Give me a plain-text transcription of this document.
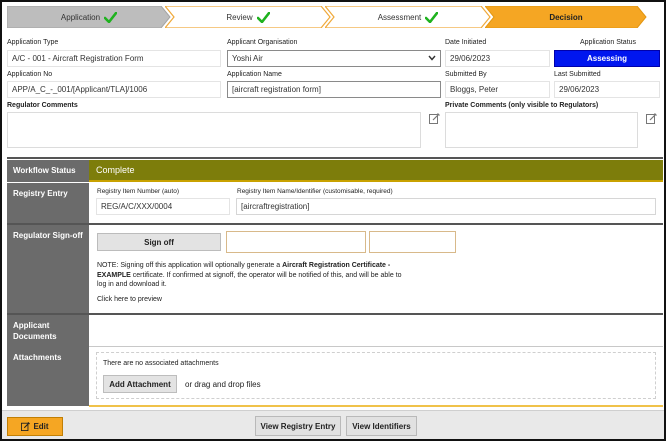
Application	Review	Assessment	Decision
Application Type
A/C - 001 - Aircraft Registration Form
Applicant Organisation
Yoshi Air
Date Initiated
29/06/2023
Application Status
Assessing
Application No
APP/A_C_-_001/[Applicant/TLA]/1006
Application Name
[aircraft registration form]
Submitted By
Bloggs, Peter
Last Submitted
29/06/2023
Regulator Comments	Private Comments (only visible to Regulators)
Workflow Status	Complete
Registry Entry	Registry Item Number (auto)
REG/A/C/XXX/0004
Registry Item Name/Identifier (customisable, required)
[aircraftregistration]
Regulator Sign-off
Sign off
NOTE: Signing off this application will optionally generate a Aircraft Registration Certificate -
EXAMPLE certificate. If confirmed at signoff, the operator will be notified of this, and will be able to
log in and download it.
Click here to preview
Applicant Documents
Attachments
There are no associated attachments
Add Attachment	or drag and drop files
Edit	View Registry Entry	View Identifiers
